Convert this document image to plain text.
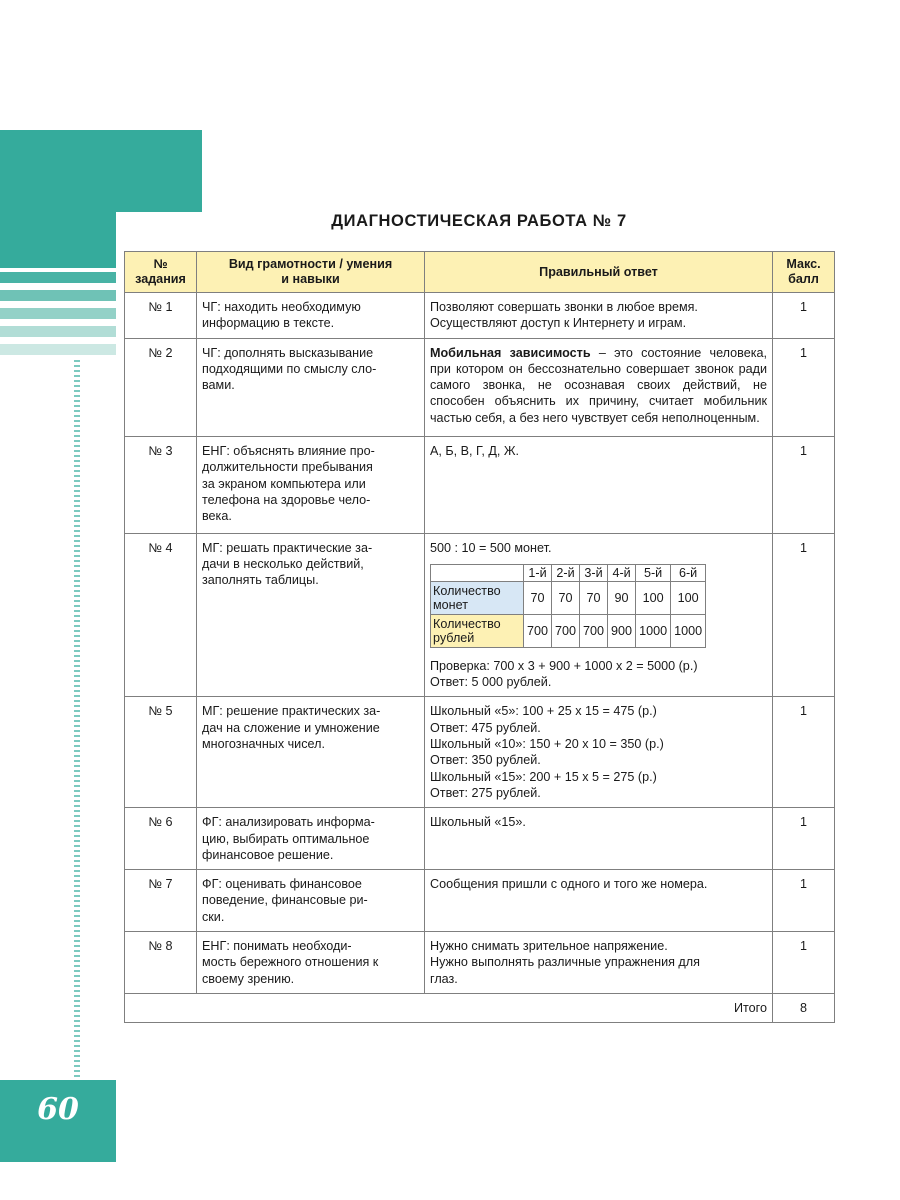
60
ДИАГНОСТИЧЕСКАЯ РАБОТА № 7
№
задания

Вид грамотности / умения
и навыки
	Правильный ответ	
Макс.
балл

№ 1	ЧГ: находить необходимую
информацию в тексте.

Позволяют совершать звонки в любое время.
Осуществляют доступ к Интернету и играм.
	1
№ 2	ЧГ: дополнять высказывание
подходящими по смыслу сло-
вами.
	Мобильная зависимость – это состояние человека, при котором он бессознательно совершает звонок ради самого звонка, не осознавая своих действий, не способен объяснить их причину, считает мобильник частью себя, а без него чувствует себя неполноценным.	1
№ 3	ЕНГ: объяснять влияние про-
должительности пребывания
за экраном компьютера или
телефона на здоровье чело-
века.

А, Б, В, Г, Д, Ж.	1
№ 4	МГ: решать практические за-
дачи в несколько действий,
заполнять таблицы.

500 : 10 = 500 монет.
	1-й	2-й	3-й	4-й	5-й	6-й

Количество
монет	70	70	70	90	100	100

Количество
рублей	700	700	700	900	1000	1000
Проверка: 700 х 3 + 900 + 1000 х 2 = 5000 (р.)
Ответ: 5 000 рублей.
	1
№ 5	МГ: решение практических за-
дач на сложение и умножение
многозначных чисел.

Школьный «5»: 100 + 25 х 15 = 475 (р.)
Ответ: 475 рублей.
Школьный «10»: 150 + 20 х 10 = 350 (р.)
Ответ: 350 рублей.
Школьный «15»: 200 + 15 х 5 = 275 (р.)
Ответ: 275 рублей.
	1
№ 6	ФГ: анализировать информа-
цию, выбирать оптимальное
финансовое решение.

Школьный «15».	1
№ 7	ФГ: оценивать финансовое
поведение, финансовые ри-
ски.

Сообщения пришли с одного и того же номера.	1
№ 8	ЕНГ: понимать необходи-
мость бережного отношения к
своему зрению.

Нужно снимать зрительное напряжение.
Нужно выполнять различные упражнения для
глаз.
	1
Итого	8
